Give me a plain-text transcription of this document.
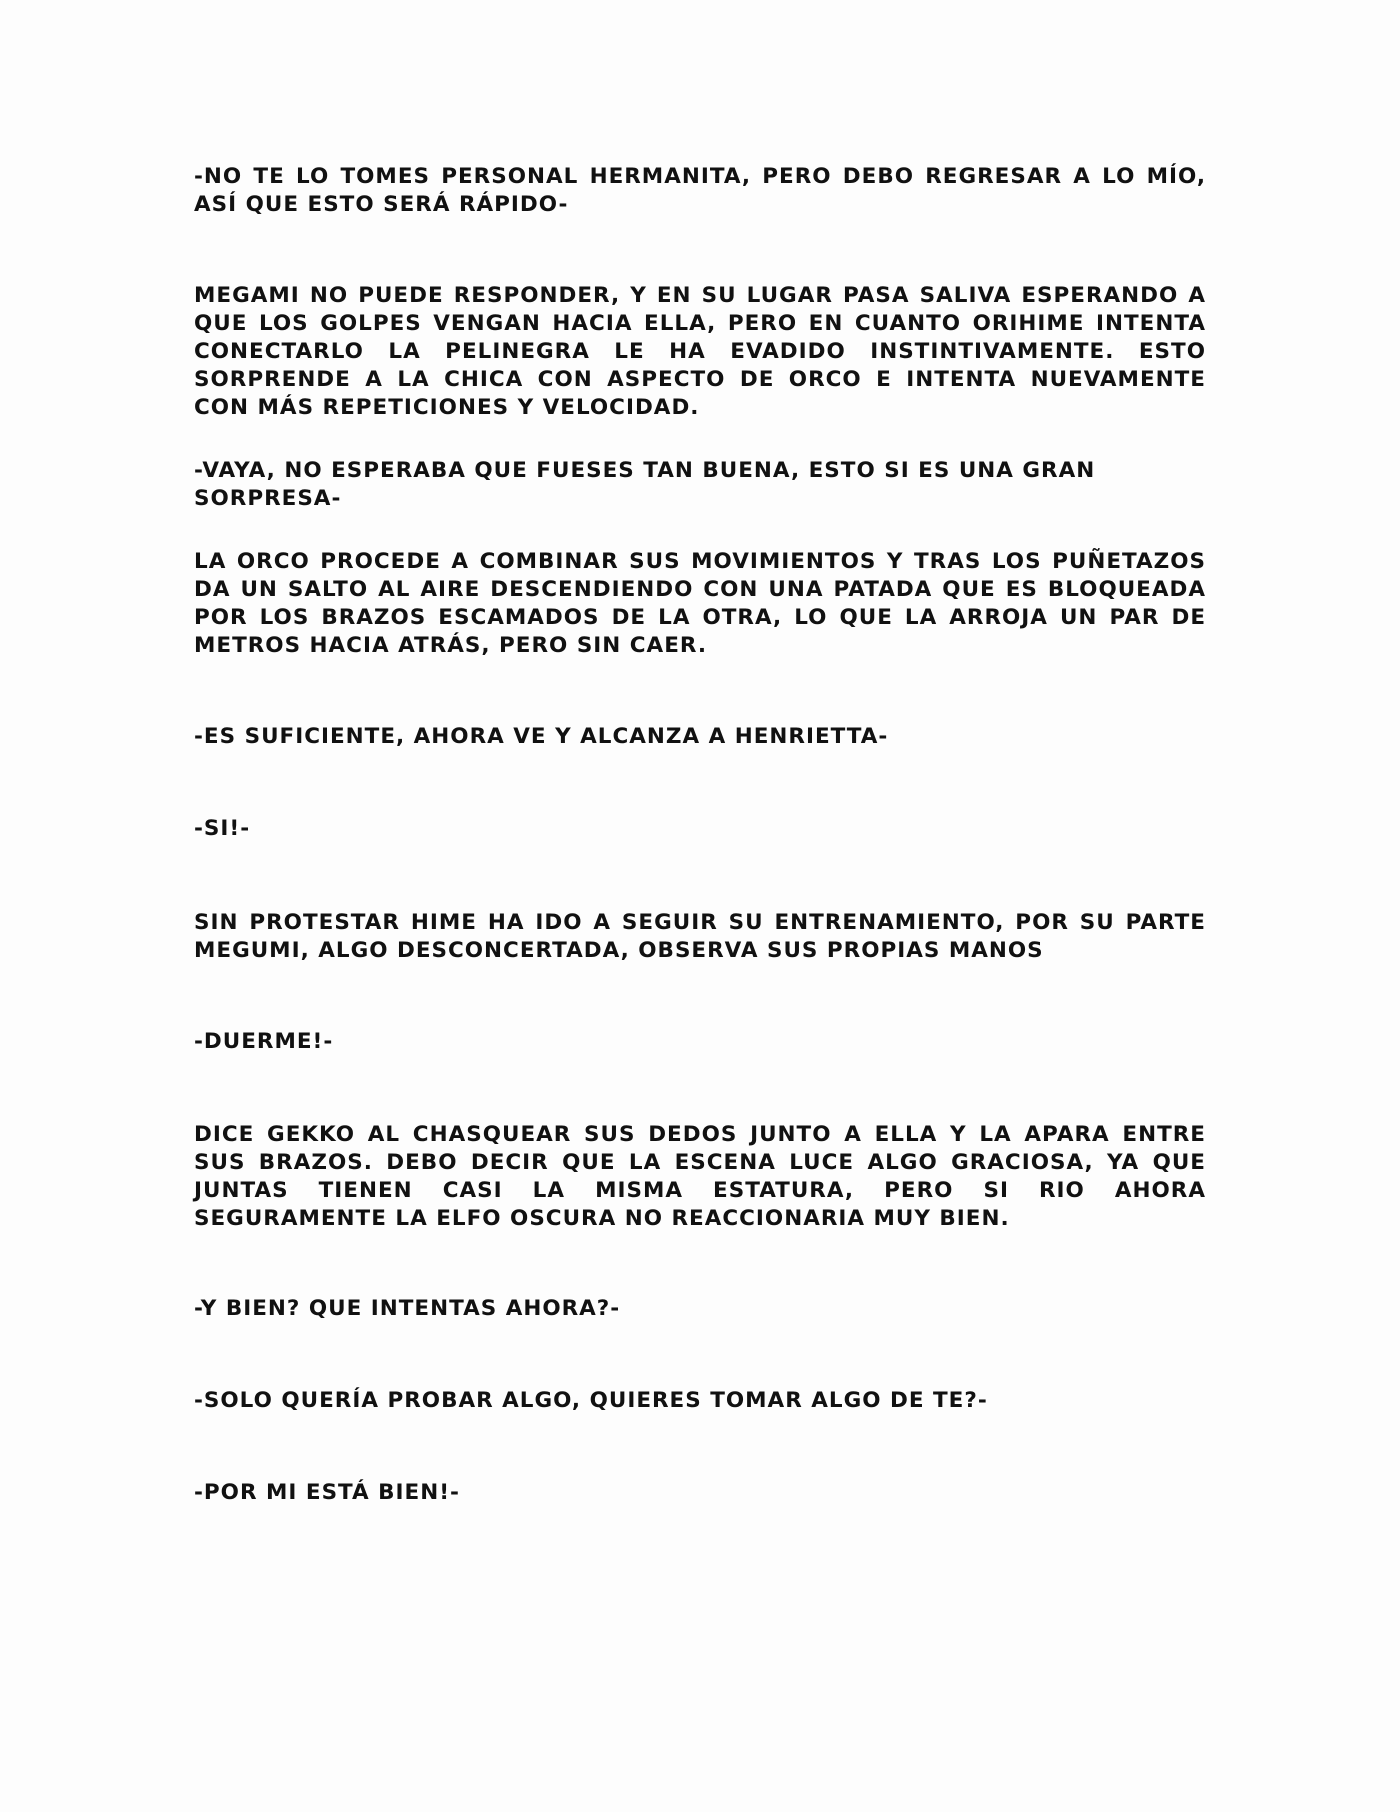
-NO TE LO TOMES PERSONAL HERMANITA, PERO DEBO REGRESAR A LO MÍO, ASÍ QUE ESTO SERÁ RÁPIDO-

MEGAMI NO PUEDE RESPONDER, Y EN SU LUGAR PASA SALIVA ESPERANDO A QUE LOS GOLPES VENGAN HACIA ELLA, PERO EN CUANTO ORIHIME INTENTA CONECTARLO LA PELINEGRA LE HA EVADIDO INSTINTIVAMENTE. ESTO SORPRENDE A LA CHICA CON ASPECTO DE ORCO E INTENTA NUEVAMENTE CON MÁS REPETICIONES Y VELOCIDAD.

-VAYA, NO ESPERABA QUE FUESES TAN BUENA, ESTO SI ES UNA GRAN SORPRESA-

LA ORCO PROCEDE A COMBINAR SUS MOVIMIENTOS Y TRAS LOS PUÑETAZOS DA UN SALTO AL AIRE DESCENDIENDO CON UNA PATADA QUE ES BLOQUEADA POR LOS BRAZOS ESCAMADOS DE LA OTRA, LO QUE LA ARROJA UN PAR DE METROS HACIA ATRÁS, PERO SIN CAER.

-ES SUFICIENTE, AHORA VE Y ALCANZA A HENRIETTA-

-SI!-

SIN PROTESTAR HIME HA IDO A SEGUIR SU ENTRENAMIENTO, POR SU PARTE MEGUMI, ALGO DESCONCERTADA, OBSERVA SUS PROPIAS MANOS

-DUERME!-

DICE GEKKO AL CHASQUEAR SUS DEDOS JUNTO A ELLA Y LA APARA ENTRE SUS BRAZOS. DEBO DECIR QUE LA ESCENA LUCE ALGO GRACIOSA, YA QUE JUNTAS TIENEN CASI LA MISMA ESTATURA, PERO SI RIO AHORA SEGURAMENTE LA ELFO OSCURA NO REACCIONARIA MUY BIEN.

-Y BIEN? QUE INTENTAS AHORA?-

-SOLO QUERÍA PROBAR ALGO, QUIERES TOMAR ALGO DE TE?-

-POR MI ESTÁ BIEN!-
